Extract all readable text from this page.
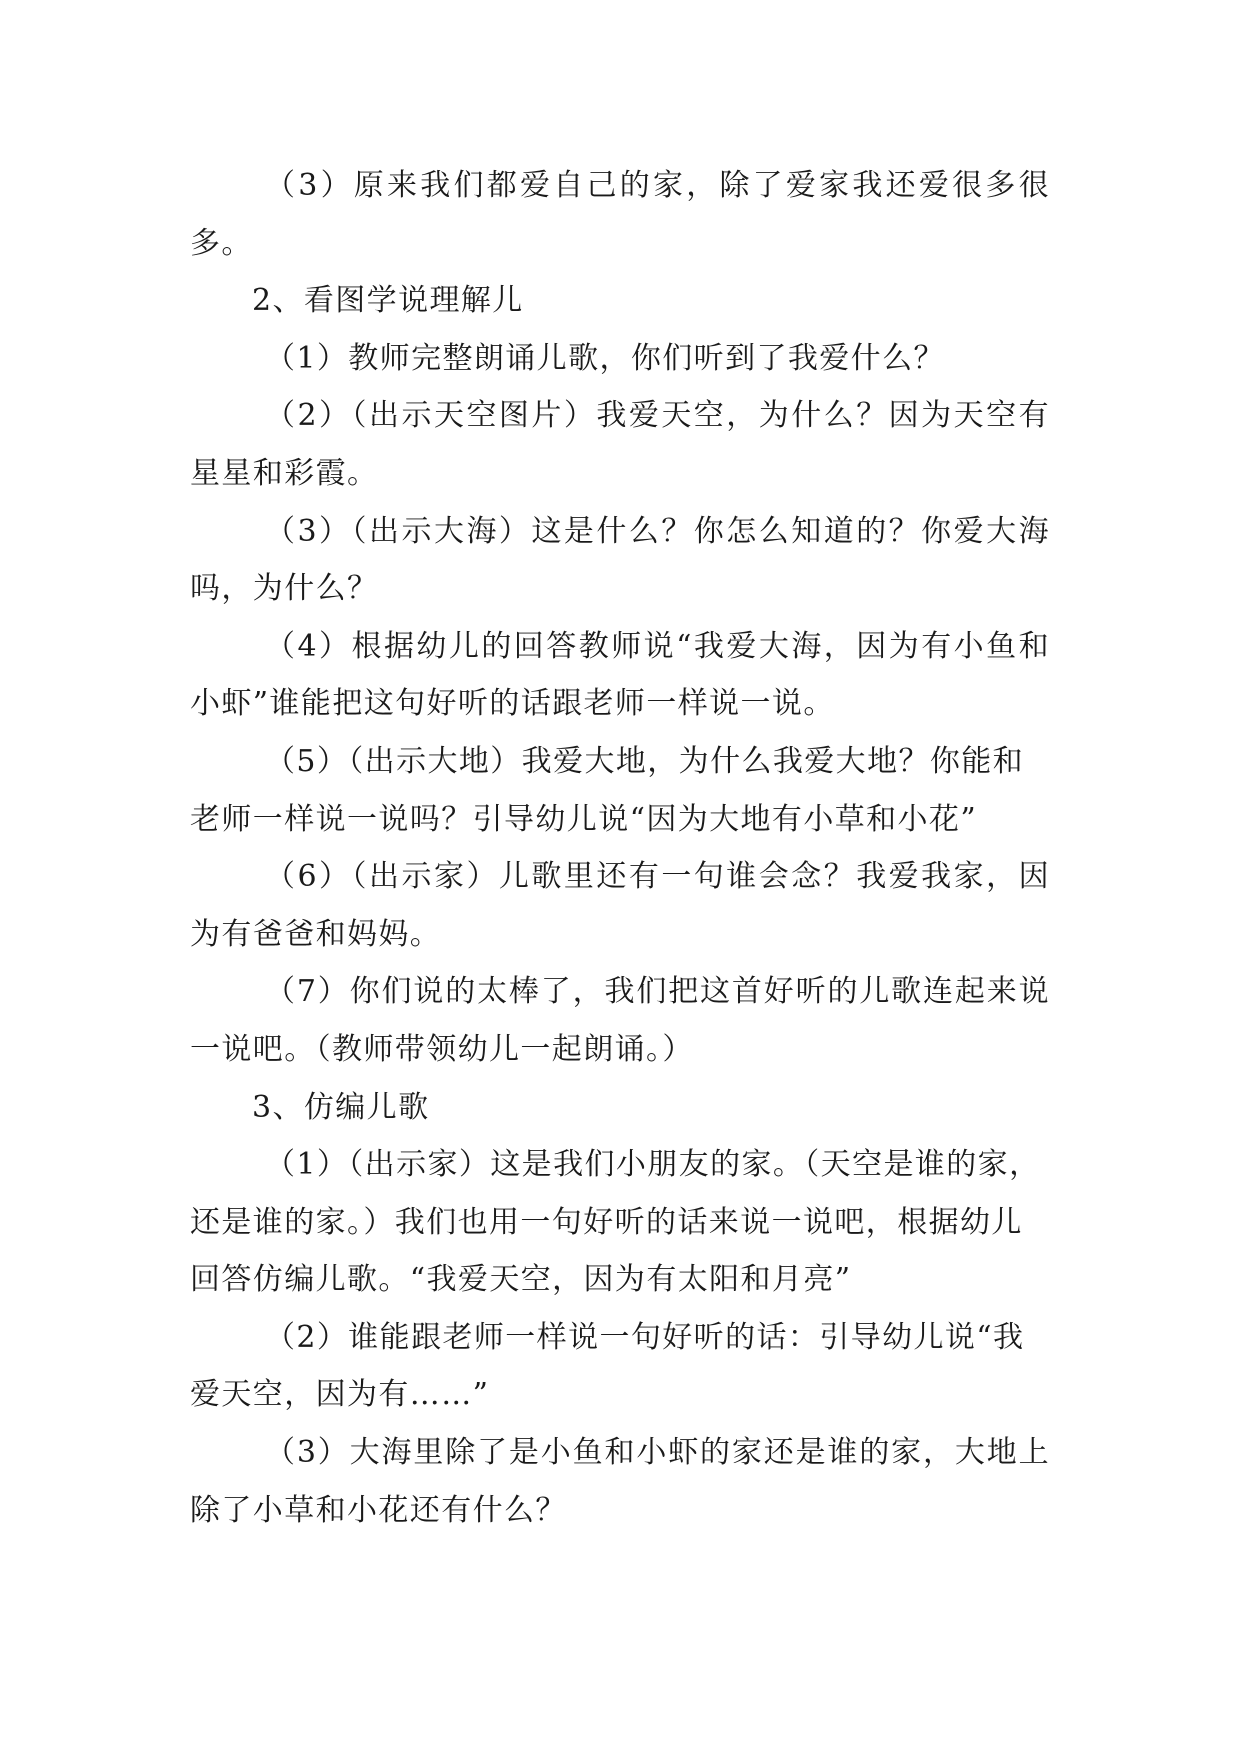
（3）原来我们都爱自己的家，除了爱家我还爱很多很多。

2、看图学说理解儿

（1）教师完整朗诵儿歌，你们听到了我爱什么？

（2）（出示天空图片）我爱天空，为什么？因为天空有星星和彩霞。

（3）（出示大海）这是什么？你怎么知道的？你爱大海吗，为什么？

（4）根据幼儿的回答教师说“我爱大海，因为有小鱼和小虾”谁能把这句好听的话跟老师一样说一说。

（5）（出示大地）我爱大地，为什么我爱大地？你能和老师一样说一说吗？引导幼儿说“因为大地有小草和小花”

（6）（出示家）儿歌里还有一句谁会念？我爱我家，因为有爸爸和妈妈。

（7）你们说的太棒了，我们把这首好听的儿歌连起来说一说吧。（教师带领幼儿一起朗诵。）

3、仿编儿歌

（1）（出示家）这是我们小朋友的家。（天空是谁的家，还是谁的家。）我们也用一句好听的话来说一说吧，根据幼儿回答仿编儿歌。“我爱天空，因为有太阳和月亮”

（2）谁能跟老师一样说一句好听的话：引导幼儿说“我爱天空，因为有……”

（3）大海里除了是小鱼和小虾的家还是谁的家，大地上除了小草和小花还有什么？
